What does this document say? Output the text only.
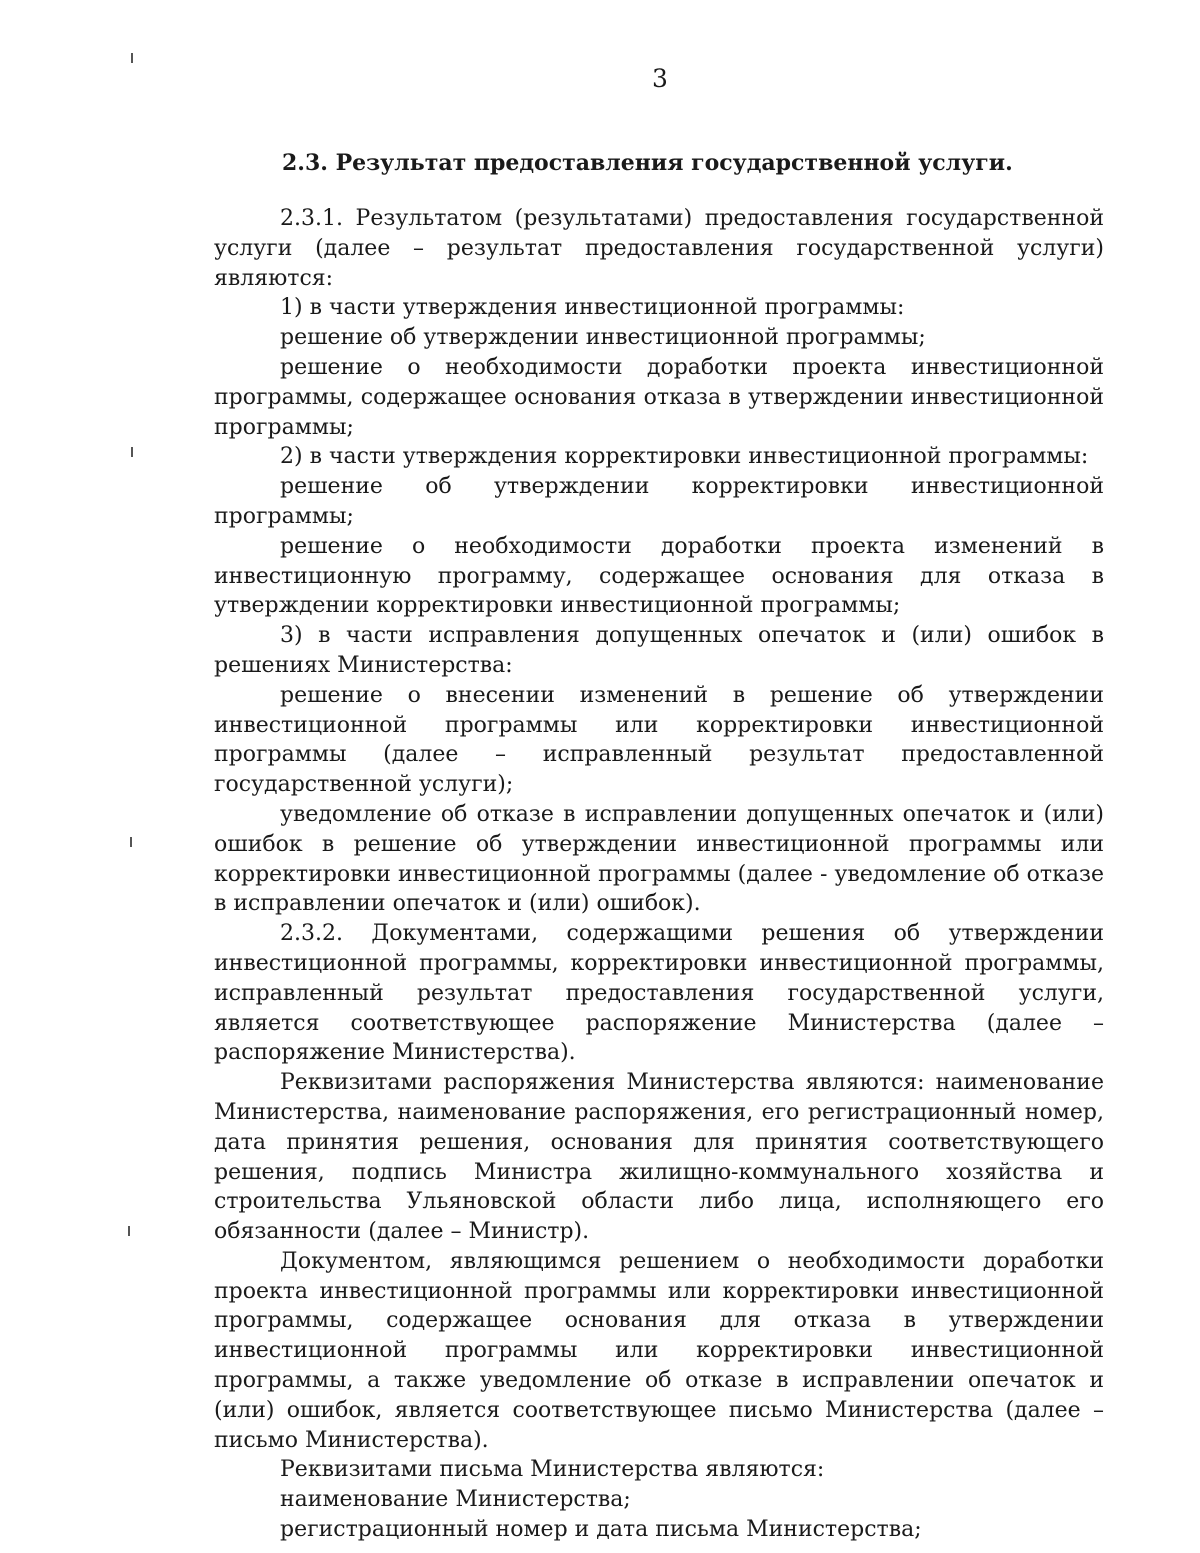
3
2.3. Результат предоставления государственной услуги.

2.3.1. Результатом (результатами) предоставления государственной услуги (далее – результат предоставления государственной услуги) являются:

1) в части утверждения инвестиционной программы:

решение об утверждении инвестиционной программы;

решение о необходимости доработки проекта инвестиционной программы, содержащее основания отказа в утверждении инвестиционной программы;

2) в части утверждения корректировки инвестиционной программы:

решение об утверждении корректировки инвестиционной программы;

решение о необходимости доработки проекта изменений в инвестиционную программу, содержащее основания для отказа в утверждении корректировки инвестиционной программы;

3) в части исправления допущенных опечаток и (или) ошибок в решениях Министерства:

решение о внесении изменений в решение об утверждении инвестиционной программы или корректировки инвестиционной программы (далее – исправленный результат предоставленной государственной услуги);

уведомление об отказе в исправлении допущенных опечаток и (или) ошибок в решение об утверждении инвестиционной программы или корректировки инвестиционной программы (далее - уведомление об отказе в исправлении опечаток и (или) ошибок).

2.3.2. Документами, содержащими решения об утверждении инвестиционной программы, корректировки инвестиционной программы, исправленный результат предоставления государственной услуги, является соответствующее распоряжение Министерства (далее – распоряжение Министерства).

Реквизитами распоряжения Министерства являются: наименование Министерства, наименование распоряжения, его регистрационный номер, дата принятия решения, основания для принятия соответствующего решения, подпись Министра жилищно-коммунального хозяйства и строительства Ульяновской области либо лица, исполняющего его обязанности (далее – Министр).

Документом, являющимся решением о необходимости доработки проекта инвестиционной программы или корректировки инвестиционной программы, содержащее основания для отказа в утверждении инвестиционной программы или корректировки инвестиционной программы, а также уведомление об отказе в исправлении опечаток и (или) ошибок, является соответствующее письмо Министерства (далее – письмо Министерства).

Реквизитами письма Министерства являются:

наименование Министерства;

регистрационный номер и дата письма Министерства;
